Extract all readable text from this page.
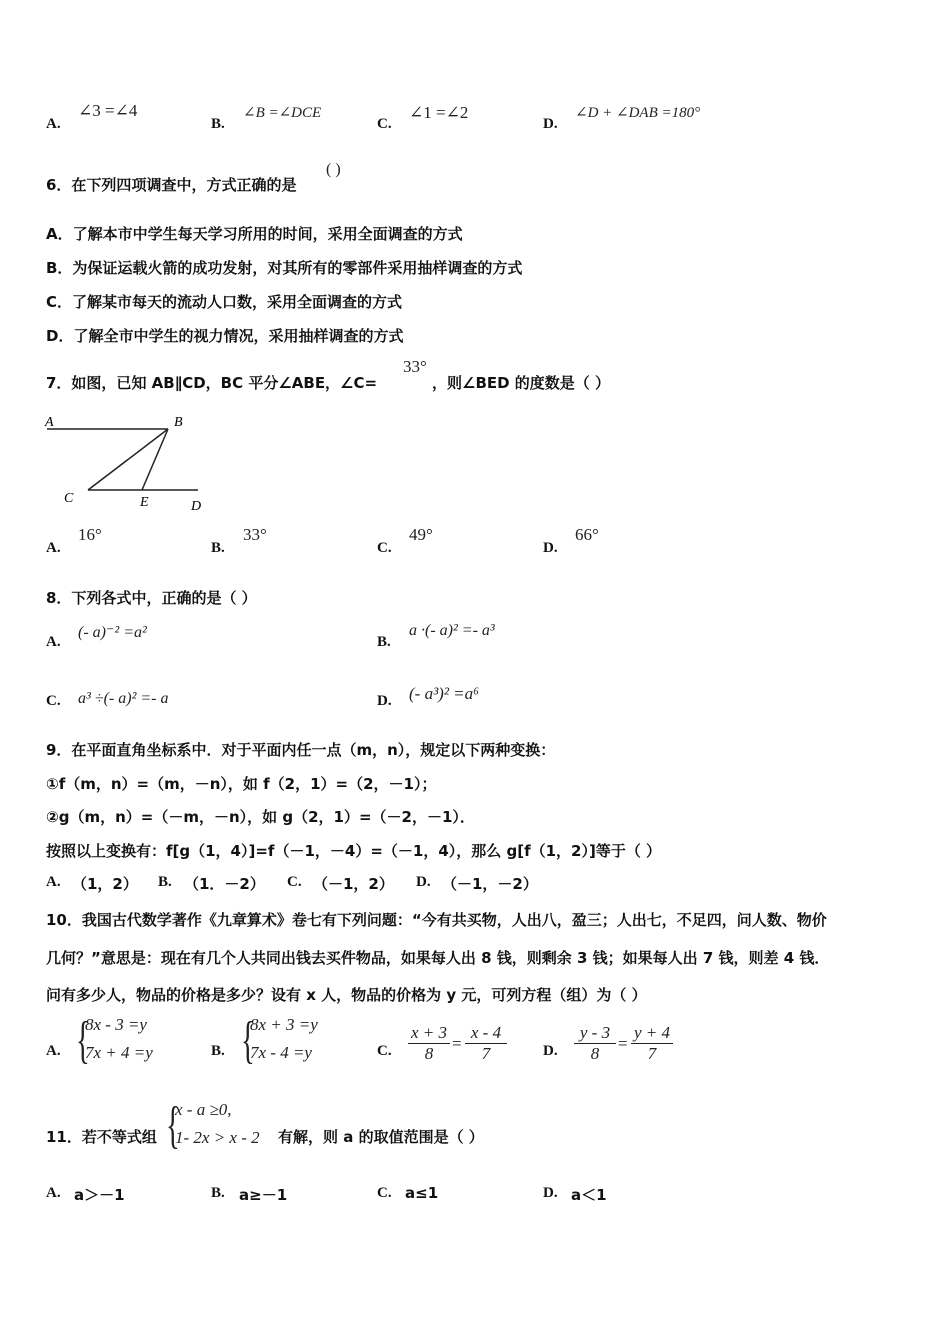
A.
∠3 =∠4
B.
∠B =∠DCE
C.
∠1 =∠2
D.
∠D + ∠DAB =180°
6．在下列四项调查中，方式正确的是
( )
A．了解本市中学生每天学习所用的时间，采用全面调查的方式
B．为保证运载火箭的成功发射，对其所有的零部件采用抽样调查的方式
C．了解某市每天的流动人口数，采用全面调查的方式
D．了解全市中学生的视力情况，采用抽样调查的方式
7．如图，已知 AB∥CD，BC 平分∠ABE，∠C=
33°
，则∠BED 的度数是（ ）
A	B
C	E	D
A.
16°
B.
33°
C.
49°
D.
66°
8．下列各式中，正确的是（ ）
A.
(- a)⁻² =a²
B.
a ·(- a)² =- a³
C. a³ ÷(- a)² =- a	D. (- a³)² =a⁶
9．在平面直角坐标系中．对于平面内任一点（m，n），规定以下两种变换：
①f（m，n）=（m，－n），如 f（2，1）=（2，－1）；
②g（m，n）=（－m，－n），如 g（2，1）=（－2，－1）．
按照以上变换有：f[g（1，4）]=f（－1，－4）=（－1，4），那么 g[f（1，2）]等于（ ）
A. （1，2） B. （1．－2） C. （－1，2） D. （－1，－2）
10．我国古代数学著作《九章算术》卷七有下列问题：“今有共买物，人出八，盈三；人出七，不足四，问人数、物价
几何？”意思是：现在有几个人共同出钱去买件物品，如果每人出 8 钱，则剩余 3 钱；如果每人出 7 钱，则差 4 钱．
问有多少人，物品的价格是多少？设有 x 人，物品的价格为 y 元，可列方程（组）为（ ）
A. {
8x - 3 =y
7x + 4 =y	B. {
8x + 3 =y
7x - 4 =y	C. $\frac{x + 3}{8} = \frac{x - 4}{7} D$. $\frac{y - 3}{8} = \frac{y + 4}{7}$
11．若不等式组 {
x - a ≥0,
1- 2x > x - 2 有解，则 a 的取值范围是（ ）
A. a＞－1	B. a≥－1	C. a≤1	D. a＜1
